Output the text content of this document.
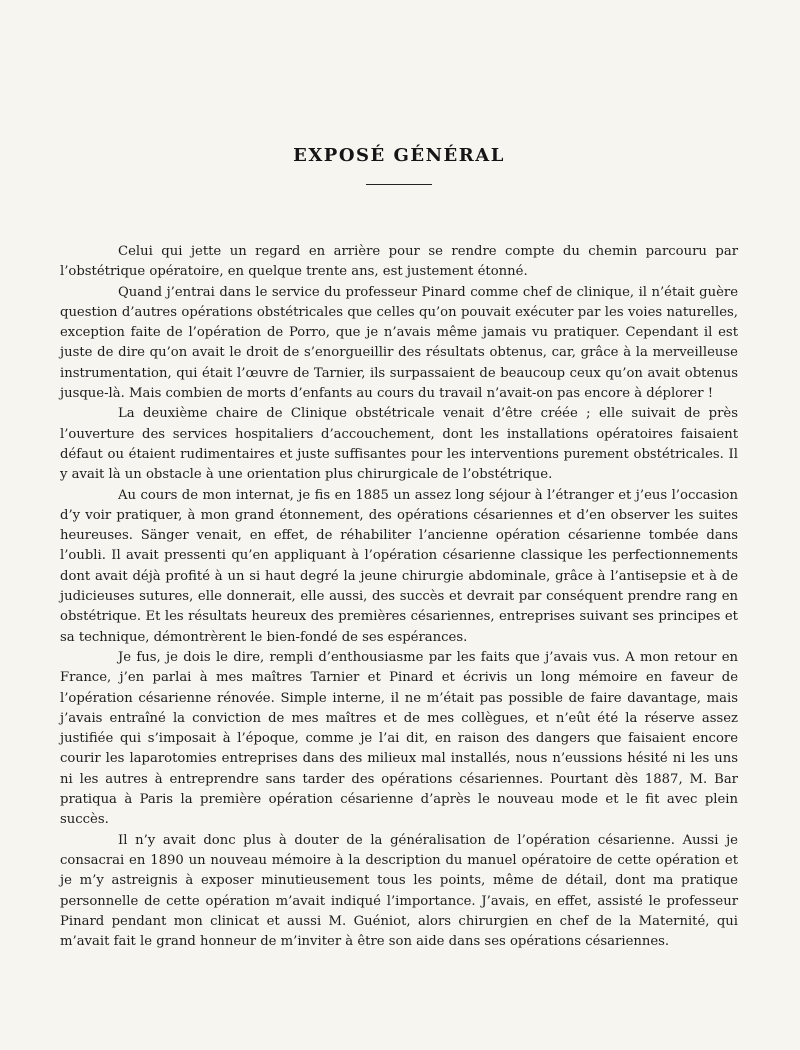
EXPOSÉ GÉNÉRAL

Celui qui jette un regard en arrière pour se rendre compte du chemin parcouru par l’obstétrique opératoire, en quelque trente ans, est justement étonné.

Quand j’entrai dans le service du professeur Pinard comme chef de clinique, il n’était guère question d’autres opérations obstétricales que celles qu’on pouvait exécuter par les voies naturelles, exception faite de l’opération de Porro, que je n’avais même jamais vu pratiquer. Cependant il est juste de dire qu’on avait le droit de s’enorgueillir des résultats obtenus, car, grâce à la merveilleuse instrumentation, qui était l’œuvre de Tarnier, ils surpassaient de beaucoup ceux qu’on avait obtenus jusque-là. Mais combien de morts d’enfants au cours du travail n’avait-on pas encore à déplorer !

La deuxième chaire de Clinique obstétricale venait d’être créée ; elle suivait de près l’ouverture des services hospitaliers d’accouchement, dont les installations opératoires faisaient défaut ou étaient rudimentaires et juste suffisantes pour les interventions purement obstétricales. Il y avait là un obstacle à une orientation plus chirurgicale de l’obstétrique.

Au cours de mon internat, je fis en 1885 un assez long séjour à l’étranger et j’eus l’occasion d’y voir pratiquer, à mon grand étonnement, des opérations césariennes et d’en observer les suites heureuses. Sänger venait, en effet, de réhabiliter l’ancienne opération césarienne tombée dans l’oubli. Il avait pressenti qu’en appliquant à l’opération césarienne classique les perfectionnements dont avait déjà profité à un si haut degré la jeune chirurgie abdominale, grâce à l’antisepsie et à de judicieuses sutures, elle donnerait, elle aussi, des succès et devrait par conséquent prendre rang en obstétrique. Et les résultats heureux des premières césariennes, entreprises suivant ses principes et sa technique, démontrèrent le bien-fondé de ses espérances.

Je fus, je dois le dire, rempli d’enthousiasme par les faits que j’avais vus. A mon retour en France, j’en parlai à mes maîtres Tarnier et Pinard et écrivis un long mémoire en faveur de l’opération césarienne rénovée. Simple interne, il ne m’était pas possible de faire davantage, mais j’avais entraîné la conviction de mes maîtres et de mes collègues, et n’eût été la réserve assez justifiée qui s’imposait à l’époque, comme je l’ai dit, en raison des dangers que faisaient encore courir les laparotomies entreprises dans des milieux mal installés, nous n’eussions hésité ni les uns ni les autres à entreprendre sans tarder des opérations césariennes. Pourtant dès 1887, M. Bar pratiqua à Paris la première opération césarienne d’après le nouveau mode et le fit avec plein succès.

Il n’y avait donc plus à douter de la généralisation de l’opération césarienne. Aussi je consacrai en 1890 un nouveau mémoire à la description du manuel opératoire de cette opération et je m’y astreignis à exposer minutieusement tous les points, même de détail, dont ma pratique personnelle de cette opération m’avait indiqué l’importance. J’avais, en effet, assisté le professeur Pinard pendant mon clinicat et aussi M. Guéniot, alors chirurgien en chef de la Maternité, qui m’avait fait le grand honneur de m’inviter à être son aide dans ses opérations césariennes.
